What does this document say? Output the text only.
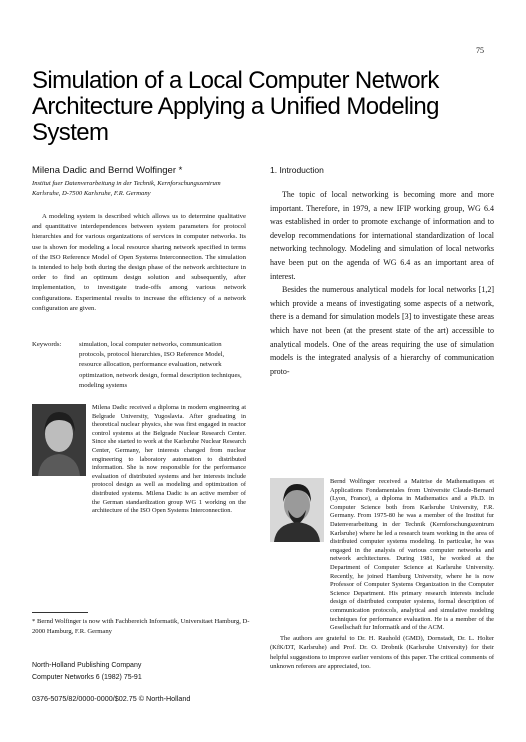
75
Simulation of a Local Computer Network
Architecture Applying a Unified Modeling
System
Milena Dadic and Bernd Wolfinger *
Institut fuer Datenverarbeitung in der Technik, Kernforschungszentrum Karlsruhe, D-7500 Karlsruhe, F.R. Germany
A modeling system is described which allows us to determine qualitative and quantitative interdependences between system parameters for protocol hierarchies and for various organizations of services in computer networks. Its use is shown for modeling a local resource sharing network specified in terms of the ISO Reference Model of Open Systems Interconnection. The simulation is intended to help both during the design phase of the network architecture in order to find an optimum design solution and subsequently, after implementation, to investigate trade-offs among various network configurations. Experimental results to increase the efficiency of a network configuration are given.
Keywords:	simulation, local computer networks, communication protocols, protocol hierarchies, ISO Reference Model, resource allocation, performance evaluation, network optimization, network design, formal description techniques, modeling systems
Milena Dadic received a diploma in modern engineering at Belgrade University, Yugoslavia. After graduating in theoretical nuclear physics, she was first engaged in reactor control systems at the Belgrade Nuclear Research Center. Since she started to work at the Karlsruhe Nuclear Research Center, Germany, her interests changed from nuclear engineering to laboratory automation to distributed information. She is now responsible for the performance evaluation of distributed systems and her interests include protocol design as well as modeling and optimization of distributed systems. Milena Dadic is an active member of the German standardization group WG 1 working on the architecture of the ISO Open Systems Interconnection.
Bernd Wolfinger received a Maitrise de Mathematiques et Applications Fondamentales from Universite Claude-Bernard (Lyon, France), a diploma in Mathematics and a Ph.D. in Computer Science both from Karlsruhe University, F.R. Germany. From 1975-80 he was a member of the Institut fur Datenverarbeitung in der Technik (Kernforschungszentrum Karlsruhe) where he led a research team working in the area of distributed computer systems modeling. In particular, he was engaged in the analysis of various computer networks and network architectures. During 1981, he worked at the Department of Computer Science at Karlsruhe University. Recently, he joined Hamburg University, where he is now Professor of Computer Systems Organization in the Computer Science Department. His primary research interests include design of distributed computer systems, formal description of communication protocols, analytical and simulative modeling techniques for performance evaluation. He is a member of the Gesellschaft fur Informatik and of the ACM.
1. Introduction

The topic of local networking is becoming more and more important. Therefore, in 1979, a new IFIP working group, WG 6.4 was established in order to promote exchange of information and to develop recommendations for international standardization of local networking technology. Modeling and simulation of local networks have been put on the agenda of WG 6.4 as an important area of interest.

Besides the numerous analytical models for local networks [1,2] which provide a means of investigating some aspects of a network, there is a demand for simulation models [3] to investigate these areas which have not been (at the present state of the art) accessible to analytical models. One of the areas requiring the use of simulation models is the integrated analysis of a hierarchy of communication proto-

* Bernd Wolfinger is now with Fachbereich Informatik, Universitaet Hamburg, D-2000 Hamburg, F.R. Germany
North-Holland Publishing Company
Computer Networks 6 (1982) 75-91
0376-5075/82/0000-0000/$02.75 © North-Holland
The authors are grateful to Dr. H. Rauhold (GMD), Dornstadt, Dr. L. Holter (KfK/DT, Karlsruhe) and Prof. Dr. O. Drobnik (Karlsruhe University) for their helpful suggestions to improve earlier versions of this paper. The critical comments of unknown referees are appreciated, too.
